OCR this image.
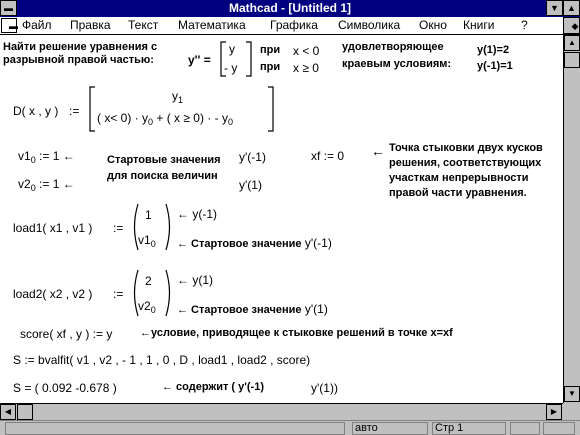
▬	Mathcad - [Untitled 1]	▼ ▲
▬ Файл Правка Текст Математика Графика Символика Окно Книги ?	◆
Найти решение уравнения с
разрывной правой частью:	y'' =
y
- y
при
при
x < 0
x ≥ 0
удовлетворяющее
краевым условиям:
y(1)=2
y(-1)=1
D( x , y ) :=
$y_1$
( $x< 0) \cdot y_0$ + ( x ≥ 0) · - $y_0$
$v1_0$ := 1 ←
$v2_0$ := 1 ←
Стартовые значения
для поиска величин
y'(-1)
y'(1)
xf := 0 ← Точка стыковки двух кусков
решения, соответствующих
участкам непрерывности
правой части уравнения.
load1( x1 , v1 ) :=
1
$v1_0$
← y(-1)
← Стартовое значение y'(-1)
load2( x2 , v2 ) :=
2
$v2_0$
← y(1)
← Стартовое значение y'(1)
score( xf , y ) := y	←условие, приводящее к стыковке решений в точке x=xf
S := bvalfit( v1 , v2 , - 1 , 1 , 0 , D , load1 , load2 , score)
S = ( 0.092 -0.678 )	← содержит ( y'(-1)	y'(1))
▲
▼
◀	▶
авто	Стр 1
